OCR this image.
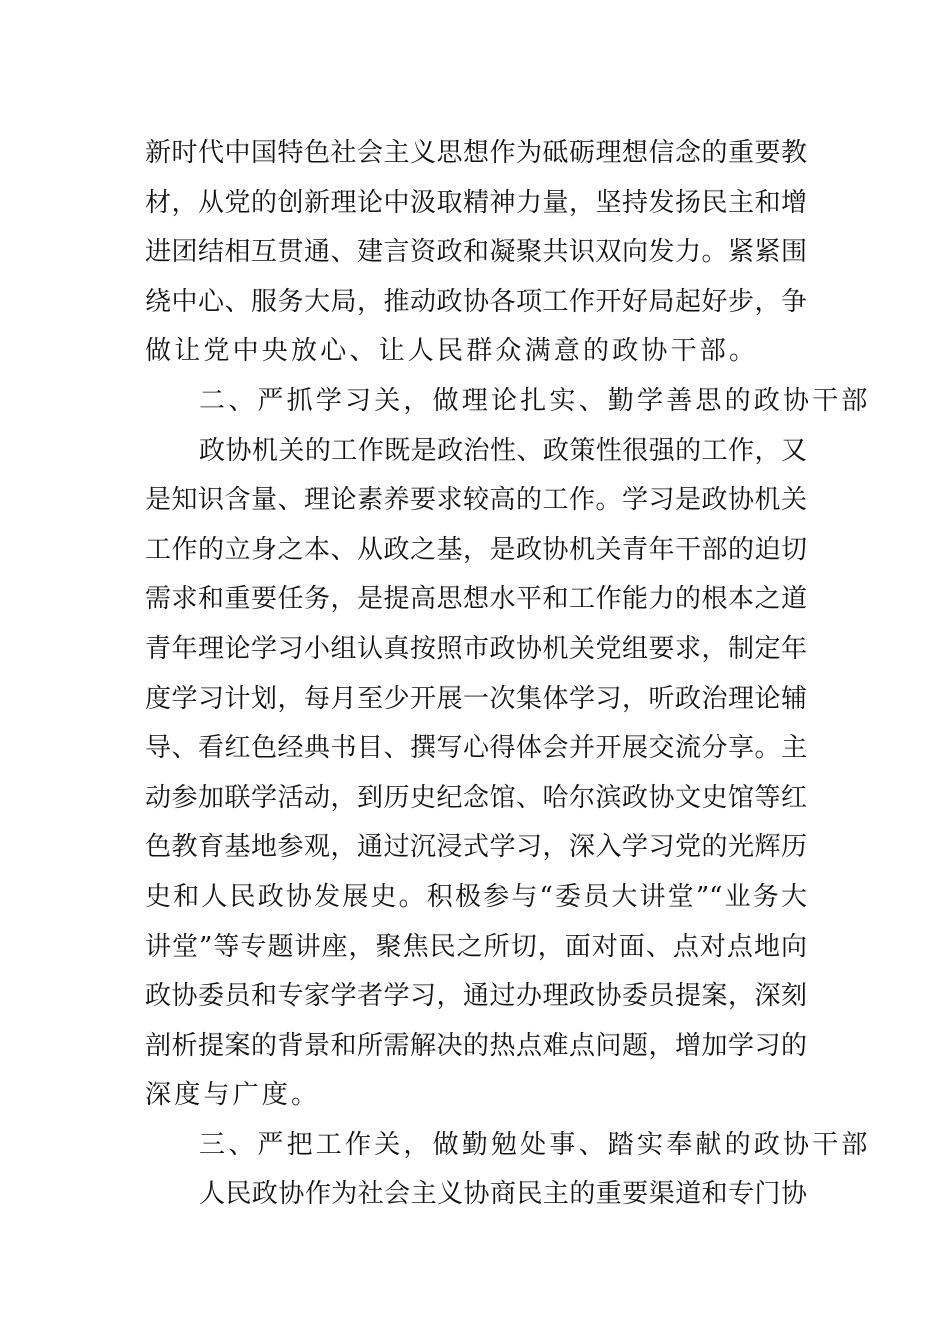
新时代中国特色社会主义思想作为砥砺理想信念的重要教
材，从党的创新理论中汲取精神力量，坚持发扬民主和增
进团结相互贯通、建言资政和凝聚共识双向发力。紧紧围
绕中心、服务大局，推动政协各项工作开好局起好步，争
做让党中央放心、让人民群众满意的政协干部。
二、严抓学习关，做理论扎实、勤学善思的政协干部
政协机关的工作既是政治性、政策性很强的工作，又
是知识含量、理论素养要求较高的工作。学习是政协机关
工作的立身之本、从政之基，是政协机关青年干部的迫切
需求和重要任务，是提高思想水平和工作能力的根本之道
青年理论学习小组认真按照市政协机关党组要求，制定年
度学习计划，每月至少开展一次集体学习，听政治理论辅
导、看红色经典书目、撰写心得体会并开展交流分享。主
动参加联学活动，到历史纪念馆、哈尔滨政协文史馆等红
色教育基地参观，通过沉浸式学习，深入学习党的光辉历
史和人民政协发展史。积极参与“委员大讲堂”“业务大
讲堂”等专题讲座，聚焦民之所切，面对面、点对点地向
政协委员和专家学者学习，通过办理政协委员提案，深刻
剖析提案的背景和所需解决的热点难点问题，增加学习的
深度与广度。
三、严把工作关，做勤勉处事、踏实奉献的政协干部
人民政协作为社会主义协商民主的重要渠道和专门协
